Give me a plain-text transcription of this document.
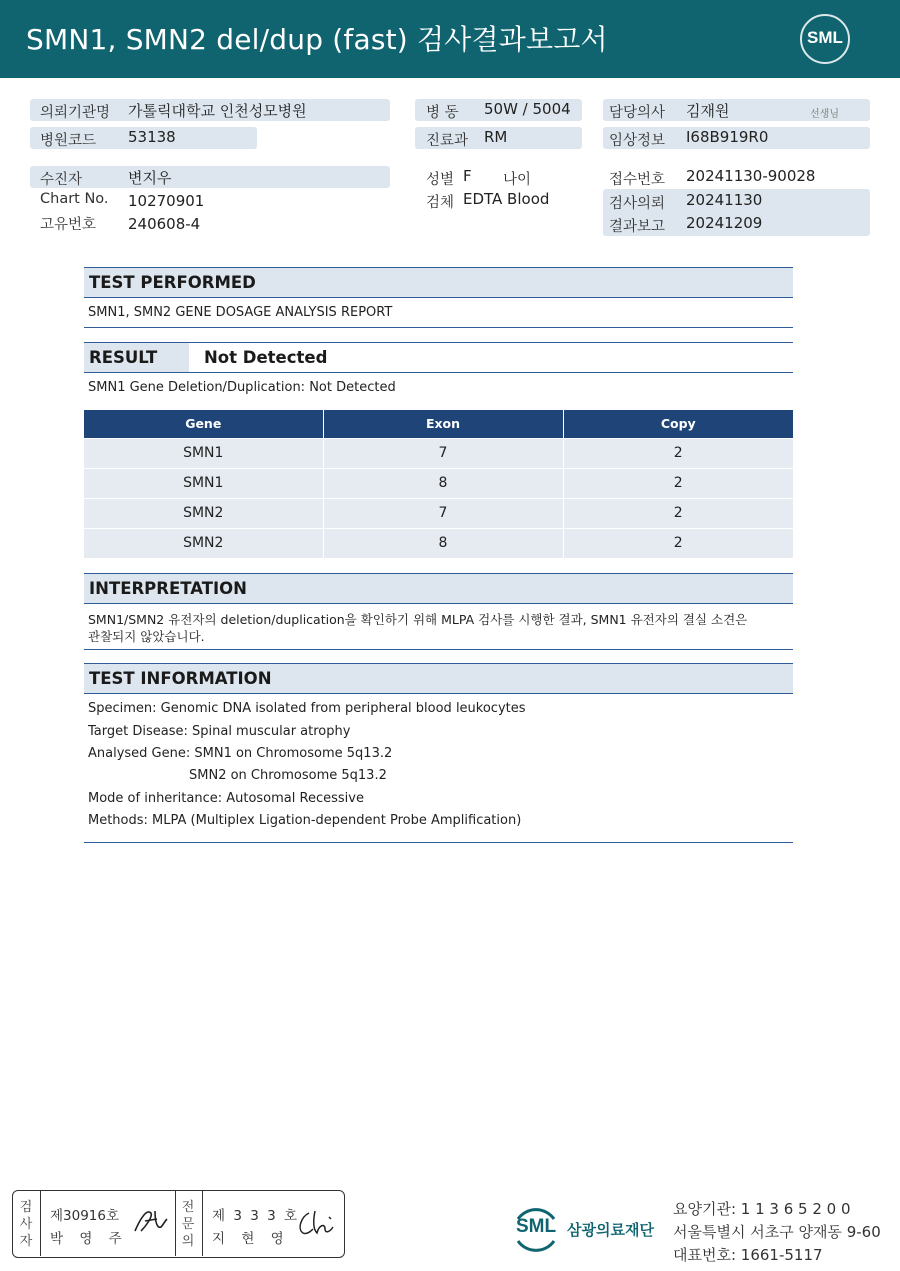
SMN1, SMN2 del/dup (fast) 검사결과보고서	SML
의뢰기관명 가톨릭대학교 인천성모병원
병원코드 53138
병 동 50W / 5004
진료과 RM
담당의사 김재원	선생님
임상정보 I68B919R0
수진자	변지우
Chart No. 10270901
고유번호 240608-4
성별 F 나이
검체 EDTA Blood
접수번호 20241130-90028
검사의뢰 20241130
결과보고 20241209
TEST PERFORMED
SMN1, SMN2 GENE DOSAGE ANALYSIS REPORT
RESULT	Not Detected
SMN1 Gene Deletion/Duplication: Not Detected
Gene	Exon	Copy
SMN1	7	2
SMN1	8	2
SMN2	7	2
SMN2	8	2
INTERPRETATION
SMN1/SMN2 유전자의 deletion/duplication을 확인하기 위해 MLPA 검사를 시행한 결과, SMN1 유전자의 결실 소견은
관찰되지 않았습니다.
TEST INFORMATION
Specimen: Genomic DNA isolated from peripheral blood leukocytes
Target Disease: Spinal muscular atrophy
Analysed Gene: SMN1 on Chromosome 5q13.2
SMN2 on Chromosome 5q13.2
Mode of inheritance: Autosomal Recessive
Methods: MLPA (Multiplex Ligation-dependent Probe Amplification)
검
사
자
제30916호
박 영 주
전
문
의
제 3 3 3 호
지 현 영
SML 삼광의료재단
요양기관: 1 1 3 6 5 2 0 0
서울특별시 서초구 양재동 9-60
대표번호: 1661-5117
